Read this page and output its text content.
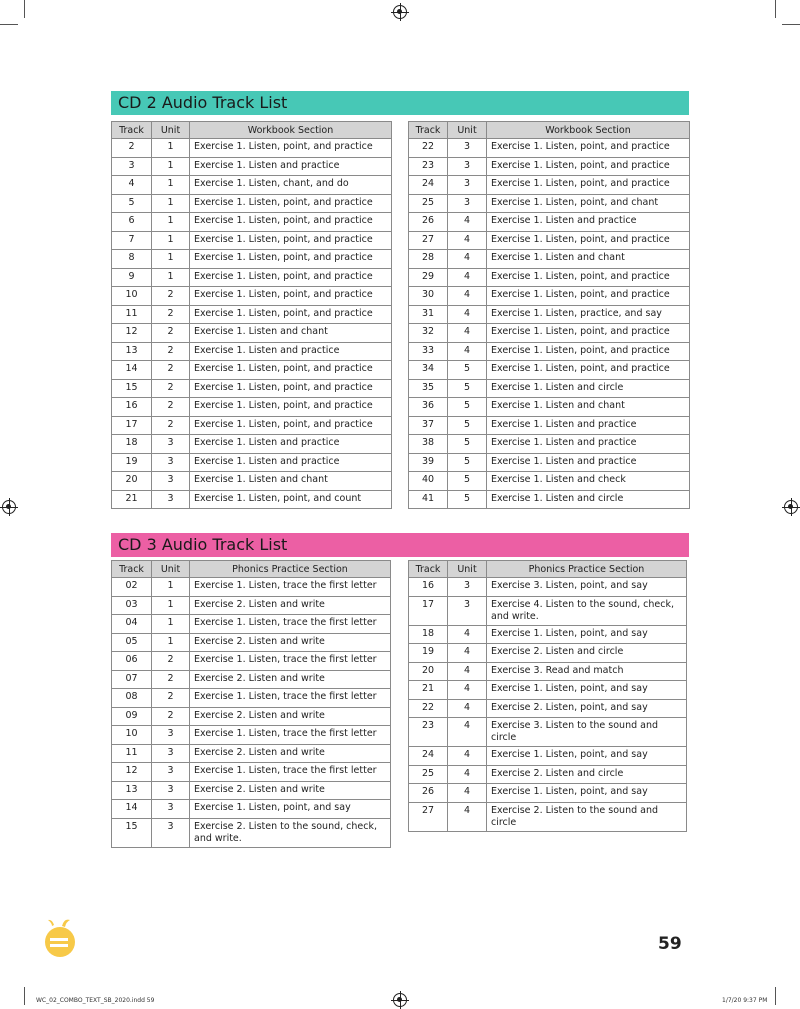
CD 2 Audio Track List
Track	Unit	Workbook Section
2	1	Exercise 1. Listen, point, and practice
3	1	Exercise 1. Listen and practice
4	1	Exercise 1. Listen, chant, and do
5	1	Exercise 1. Listen, point, and practice
6	1	Exercise 1. Listen, point, and practice
7	1	Exercise 1. Listen, point, and practice
8	1	Exercise 1. Listen, point, and practice
9	1	Exercise 1. Listen, point, and practice
10	2	Exercise 1. Listen, point, and practice
11	2	Exercise 1. Listen, point, and practice
12	2	Exercise 1. Listen and chant
13	2	Exercise 1. Listen and practice
14	2	Exercise 1. Listen, point, and practice
15	2	Exercise 1. Listen, point, and practice
16	2	Exercise 1. Listen, point, and practice
17	2	Exercise 1. Listen, point, and practice
18	3	Exercise 1. Listen and practice
19	3	Exercise 1. Listen and practice
20	3	Exercise 1. Listen and chant
21	3	Exercise 1. Listen, point, and count
Track	Unit	Workbook Section
22	3	Exercise 1. Listen, point, and practice
23	3	Exercise 1. Listen, point, and practice
24	3	Exercise 1. Listen, point, and practice
25	3	Exercise 1. Listen, point, and chant
26	4	Exercise 1. Listen and practice
27	4	Exercise 1. Listen, point, and practice
28	4	Exercise 1. Listen and chant
29	4	Exercise 1. Listen, point, and practice
30	4	Exercise 1. Listen, point, and practice
31	4	Exercise 1. Listen, practice, and say
32	4	Exercise 1. Listen, point, and practice
33	4	Exercise 1. Listen, point, and practice
34	5	Exercise 1. Listen, point, and practice
35	5	Exercise 1. Listen and circle
36	5	Exercise 1. Listen and chant
37	5	Exercise 1. Listen and practice
38	5	Exercise 1. Listen and practice
39	5	Exercise 1. Listen and practice
40	5	Exercise 1. Listen and check
41	5	Exercise 1. Listen and circle
CD 3 Audio Track List
Track	Unit	Phonics Practice Section
02	1	Exercise 1. Listen, trace the first letter
03	1	Exercise 2. Listen and write
04	1	Exercise 1. Listen, trace the first letter
05	1	Exercise 2. Listen and write
06	2	Exercise 1. Listen, trace the first letter
07	2	Exercise 2. Listen and write
08	2	Exercise 1. Listen, trace the first letter
09	2	Exercise 2. Listen and write
10	3	Exercise 1. Listen, trace the first letter
11	3	Exercise 2. Listen and write
12	3	Exercise 1. Listen, trace the first letter
13	3	Exercise 2. Listen and write
14	3	Exercise 1. Listen, point, and say
15	3	Exercise 2. Listen to the sound, check, and write.
Track	Unit	Phonics Practice Section
16	3	Exercise 3. Listen, point, and say
17	3	Exercise 4. Listen to the sound, check, and write.
18	4	Exercise 1. Listen, point, and say
19	4	Exercise 2. Listen and circle
20	4	Exercise 3. Read and match
21	4	Exercise 1. Listen, point, and say
22	4	Exercise 2. Listen, point, and say
23	4	Exercise 3. Listen to the sound and circle
24	4	Exercise 1. Listen, point, and say
25	4	Exercise 2. Listen and circle
26	4	Exercise 1. Listen, point, and say
27	4	Exercise 2. Listen to the sound and circle
59
WC_02_COMBO_TEXT_SB_2020.indd 59	1/7/20 9:37 PM
